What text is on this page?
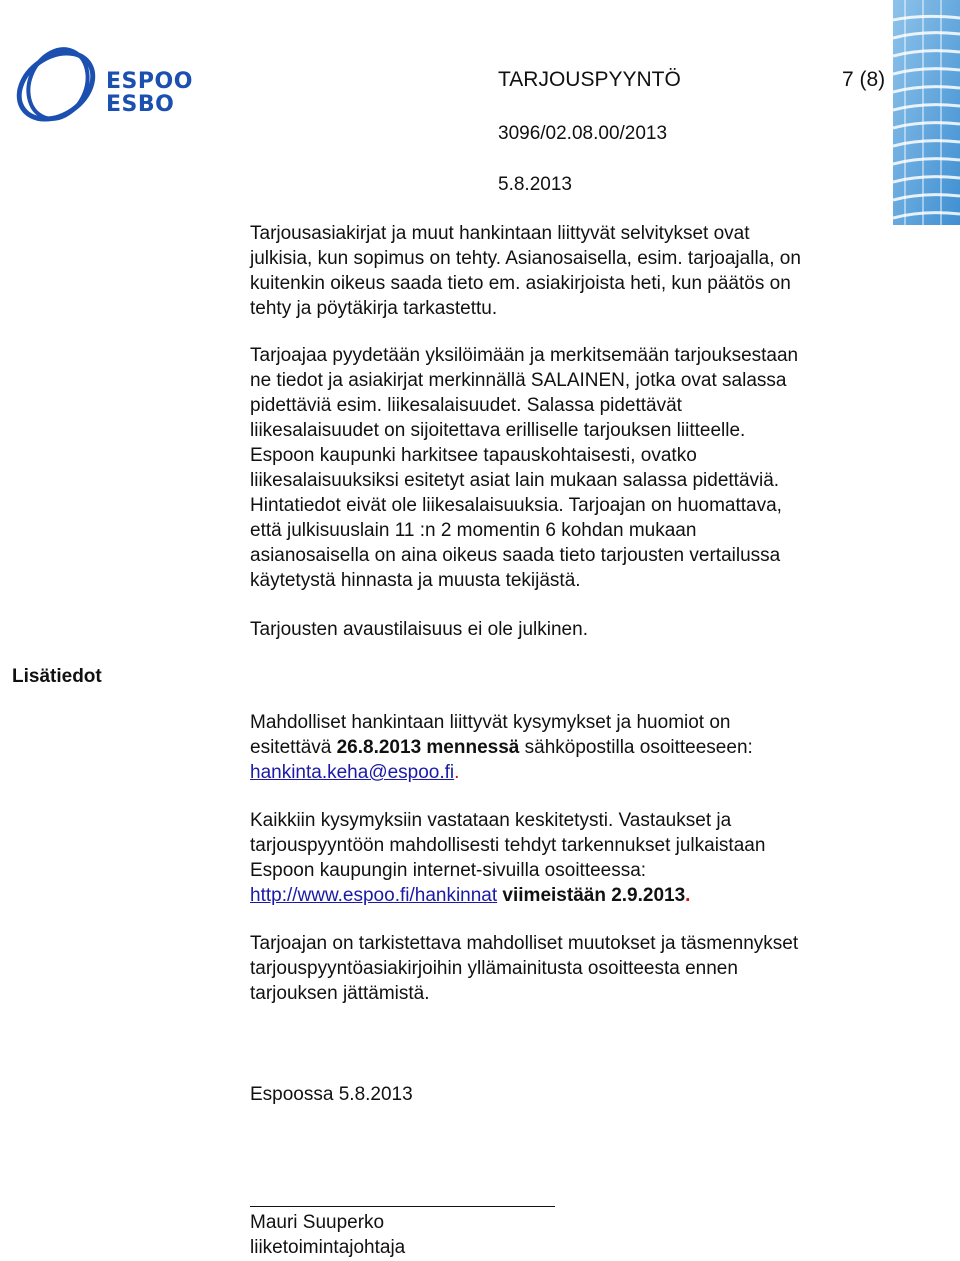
ESPOO
ESBO
TARJOUSPYYNTÖ	7 (8)
3096/02.08.00/2013
5.8.2013

Tarjousasiakirjat ja muut hankintaan liittyvät selvitykset ovat
julkisia, kun sopimus on tehty. Asianosaisella, esim. tarjoajalla, on
kuitenkin oikeus saada tieto em. asiakirjoista heti, kun päätös on
tehty ja pöytäkirja tarkastettu.

Tarjoajaa pyydetään yksilöimään ja merkitsemään tarjouksestaan
ne tiedot ja asiakirjat merkinnällä SALAINEN, jotka ovat salassa
pidettäviä esim. liikesalaisuudet. Salassa pidettävät
liikesalaisuudet on sijoitettava erilliselle tarjouksen liitteelle.
Espoon kaupunki harkitsee tapauskohtaisesti, ovatko
liikesalaisuuksiksi esitetyt asiat lain mukaan salassa pidettäviä.
Hintatiedot eivät ole liikesalaisuuksia. Tarjoajan on huomattava,
että julkisuuslain 11 :n 2 momentin 6 kohdan mukaan
asianosaisella on aina oikeus saada tieto tarjousten vertailussa
käytetystä hinnasta ja muusta tekijästä.

Tarjousten avaustilaisuus ei ole julkinen.

Lisätiedot

Mahdolliset hankintaan liittyvät kysymykset ja huomiot on
esitettävä 26.8.2013 mennessä sähköpostilla osoitteeseen:
hankinta.keha@espoo.fi.

Kaikkiin kysymyksiin vastataan keskitetysti. Vastaukset ja
tarjouspyyntöön mahdollisesti tehdyt tarkennukset julkaistaan
Espoon kaupungin internet-sivuilla osoitteessa:
http://www.espoo.fi/hankinnat viimeistään 2.9.2013.

Tarjoajan on tarkistettava mahdolliset muutokset ja täsmennykset
tarjouspyyntöasiakirjoihin yllämainitusta osoitteesta ennen
tarjouksen jättämistä.

Espoossa 5.8.2013

Mauri Suuperko
liiketoimintajohtaja
